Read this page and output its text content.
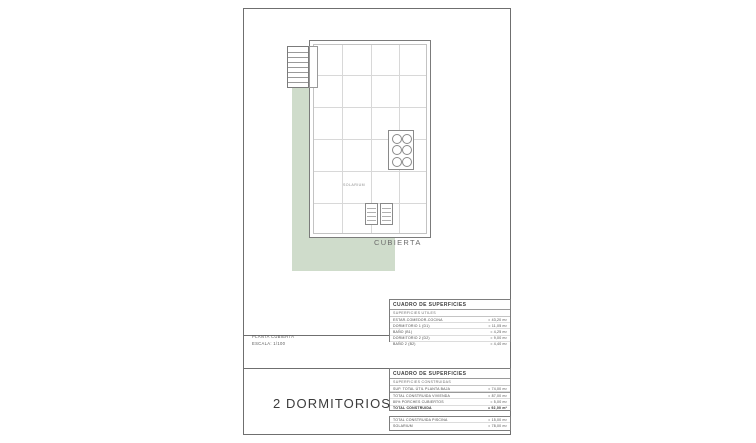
SOLARIUM
CUBIERTA
PLANTA CUBIERTA
ESCALA: 1/100
CUADRO DE SUPERFICIES
SUPERFICIES UTILES
ESTAR-COMEDOR-COCINA	= 43,20 m²
DORMITORIO 1 (D1)	= 11,05 m²
BAÑO (B1)	= 4,25 m²
DORMITORIO 2 (D2)	= 9,00 m²
BAÑO 2 (B2)	= 4,40 m²
CUADRO DE SUPERFICIES
SUPERFICIES CONSTRUIDAS
SUP. TOTAL ÚTIL PLANTA BAJA	= 74,00 m²
TOTAL CONSTRUIDA VIVIENDA	= 87,00 m²
80% PORCHES CUBIERTOS	= 5,00 m²
TOTAL CONSTRUIDA	= 92,00 m²
TOTAL CONSTRUIDA PISCINA	= 15,00 m²
SOLARIUM	= 78,00 m²
2 DORMITORIOS
